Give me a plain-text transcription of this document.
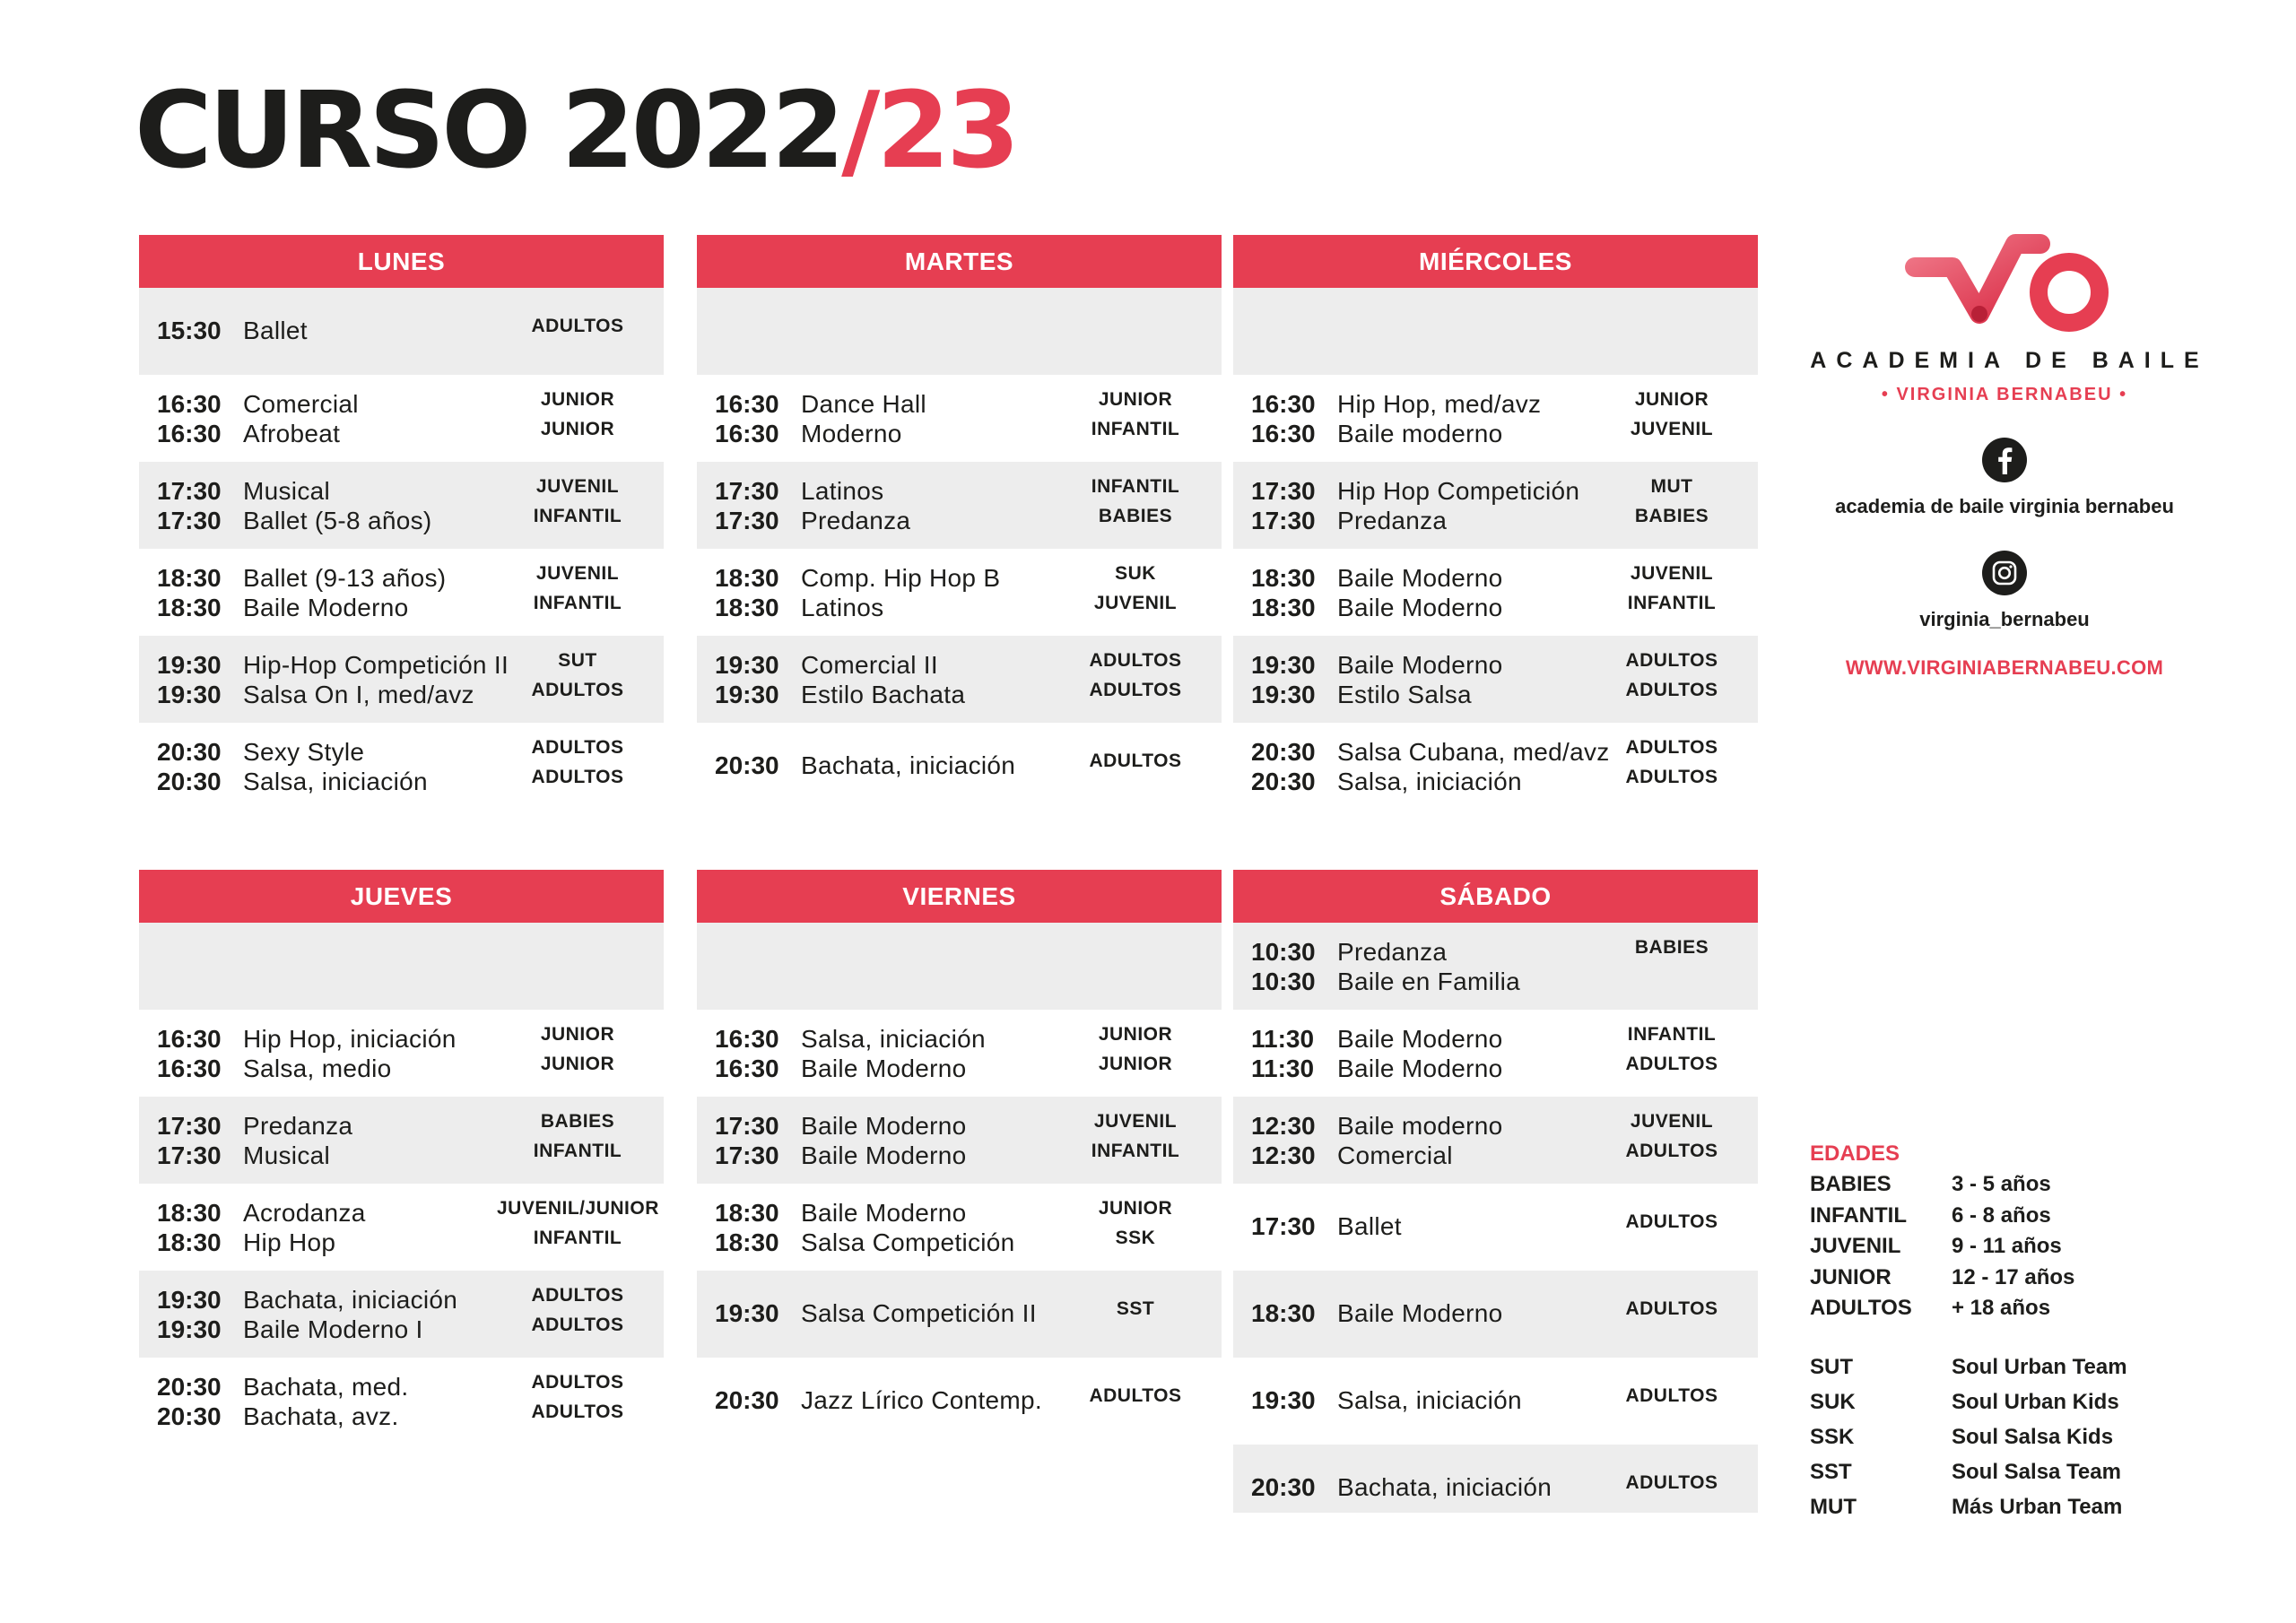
CURSO 2022/23
LUNES
15:30 Ballet	ADULTOS
16:30 Comercial	JUNIOR
16:30 Afrobeat	JUNIOR
17:30 Musical	JUVENIL
17:30 Ballet (5-8 años)	INFANTIL
18:30 Ballet (9-13 años)	JUVENIL
18:30 Baile Moderno	INFANTIL
19:30 Hip-Hop Competición II	SUT
19:30 Salsa On I, med/avz	ADULTOS
20:30 Sexy Style	ADULTOS
20:30 Salsa, iniciación	ADULTOS
MARTES
16:30 Dance Hall	JUNIOR
16:30 Moderno	INFANTIL
17:30 Latinos	INFANTIL
17:30 Predanza	BABIES
18:30 Comp. Hip Hop B	SUK
18:30 Latinos	JUVENIL
19:30 Comercial II	ADULTOS
19:30 Estilo Bachata	ADULTOS
20:30 Bachata, iniciación	ADULTOS
MIÉRCOLES
16:30 Hip Hop, med/avz	JUNIOR
16:30 Baile moderno	JUVENIL
17:30 Hip Hop Competición	MUT
17:30 Predanza	BABIES
18:30 Baile Moderno	JUVENIL
18:30 Baile Moderno	INFANTIL
19:30 Baile Moderno	ADULTOS
19:30 Estilo Salsa	ADULTOS
20:30 Salsa Cubana, med/avz ADULTOS
20:30 Salsa, iniciación	ADULTOS
JUEVES
16:30 Hip Hop, iniciación	JUNIOR
16:30 Salsa, medio	JUNIOR
17:30 Predanza	BABIES
17:30 Musical	INFANTIL
18:30 Acrodanza	JUVENIL/JUNIOR
18:30 Hip Hop	INFANTIL
19:30 Bachata, iniciación	ADULTOS
19:30 Baile Moderno I	ADULTOS
20:30 Bachata, med.	ADULTOS
20:30 Bachata, avz.	ADULTOS
VIERNES
16:30 Salsa, iniciación	JUNIOR
16:30 Baile Moderno	JUNIOR
17:30 Baile Moderno	JUVENIL
17:30 Baile Moderno	INFANTIL
18:30 Baile Moderno	JUNIOR
18:30 Salsa Competición	SSK
19:30 Salsa Competición II	SST
20:30 Jazz Lírico Contemp.	ADULTOS
SÁBADO
10:30 Predanza	BABIES
10:30 Baile en Familia
11:30 Baile Moderno	INFANTIL
11:30 Baile Moderno	ADULTOS
12:30 Baile moderno	JUVENIL
12:30 Comercial	ADULTOS
17:30 Ballet	ADULTOS
18:30 Baile Moderno	ADULTOS
19:30 Salsa, iniciación	ADULTOS
20:30 Bachata, iniciación	ADULTOS
ACADEMIA DE BAILE
• VIRGINIA BERNABEU •
academia de baile virginia bernabeu
virginia_bernabeu
WWW.VIRGINIABERNABEU.COM
EDADES
BABIES	3 - 5 años
INFANTIL 6 - 8 años
JUVENIL 9 - 11 años
JUNIOR	12 - 17 años
ADULTOS + 18 años
SUT	Soul Urban Team
SUK	Soul Urban Kids
SSK	Soul Salsa Kids
SST	Soul Salsa Team
MUT	Más Urban Team
